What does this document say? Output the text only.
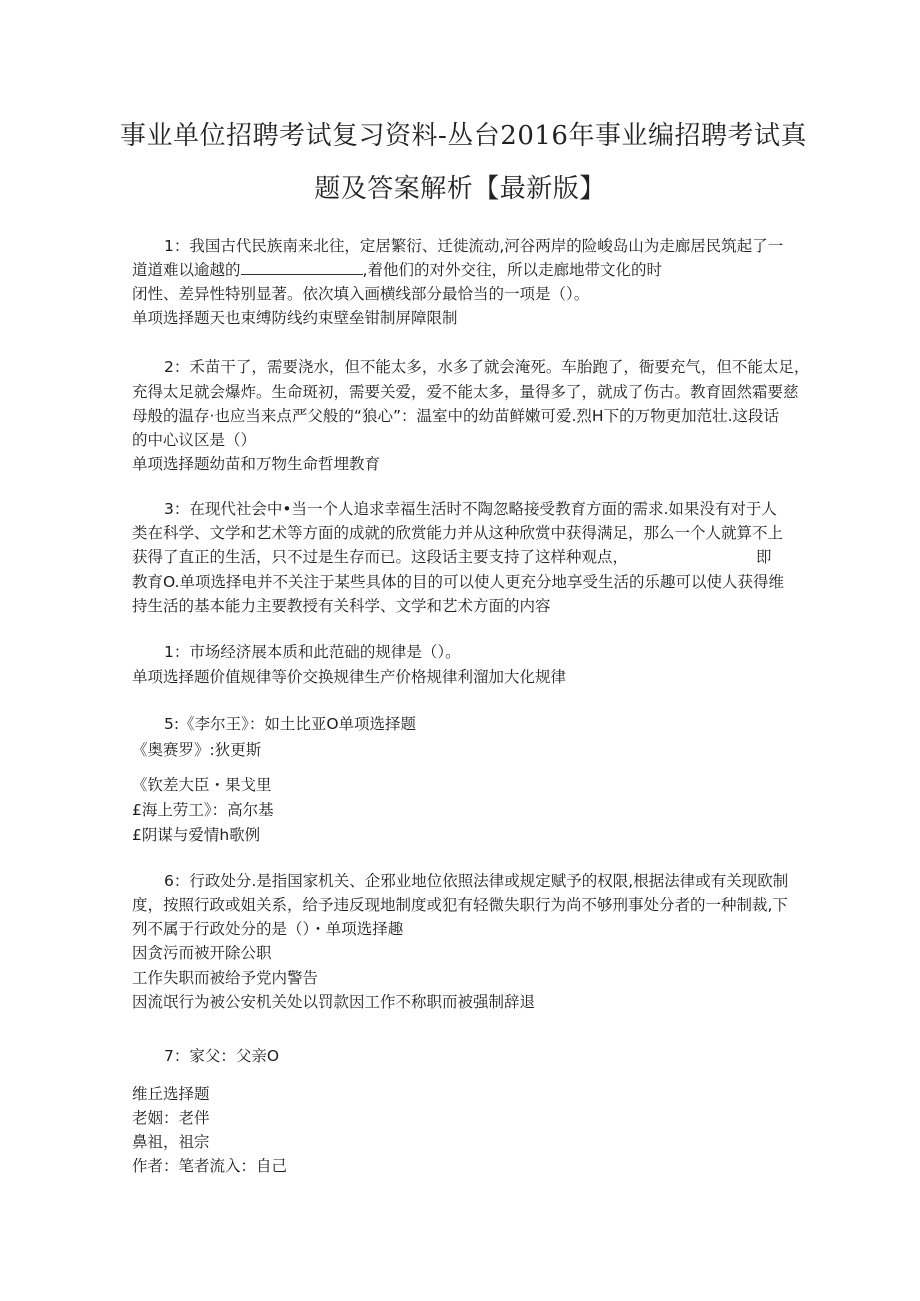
事业单位招聘考试复习资料-丛台2016年事业编招聘考试真
题及答案解析【最新版】
1：我国古代民族南来北往，定居繁衍、迁徙流动,河谷两岸的险峻岛山为走廊居民筑起了一
道道难以逾越的	,着他们的对外交往，所以走廊地带文化的时
闭性、差异性特别显著。依次填入画横线部分最恰当的一项是（）。
单项选择题天也束缚防线约束壁垒钳制屏障限制
2：禾苗干了，需要浇水，但不能太多，水多了就会淹死。车胎跑了，衙要充气，但不能太足，
充得太足就会爆炸。生命斑初，需要关爱，爱不能太多，量得多了，就成了伤古。教育固然霜要慈
母般的温存·也应当来点严父般的“狼心”：温室中的幼苗鲜嫩可爱.烈H下的万物更加范壮.这段话
的中心议区是（）
单项选择题幼苗和万物生命哲埋教育
3：在现代社会中•当一个人追求幸福生活时不陶忽略接受教育方面的需求.如果没有对于人
类在科学、文学和艺术等方面的成就的欣赏能力并从这种欣赏中获得满足，那么一个人就算不上
获得了直正的生活，只不过是生存而已。这段话主要支持了这样种观点，	即
教育O.单项选择电并不关注于某些具体的目的可以使人更充分地享受生活的乐趣可以使人获得维
持生活的基本能力主要教授有关科学、文学和艺术方面的内容
1：市场经济展本质和此范础的规律是（）。
单项选择题价值规律等价交换规律生产价格规律利溜加大化规律
5:《李尔王》：如土比亚O单项选择题
《奥赛罗》:狄更斯
《钦差大臣・果戈里
£海上劳工》：高尔基
£阴谋与爱情h歌例
6：行政处分.是指国家机关、企邪业地位依照法律或规定赋予的权限,根据法律或有关现欧制
度，按照行政或姐关系，给予违反现地制度或犯有轻微失职行为尚不够刑事处分者的一种制裁,下
列不属于行政处分的是（）・单项选择趣
因贪污而被开除公职
工作失职而被给予党内警告
因流氓行为被公安机关处以罚款因工作不称职而被强制辞退
7：家父：父亲O
维丘选择题
老姻：老伴
鼻祖，祖宗
作者：笔者流入：自己
